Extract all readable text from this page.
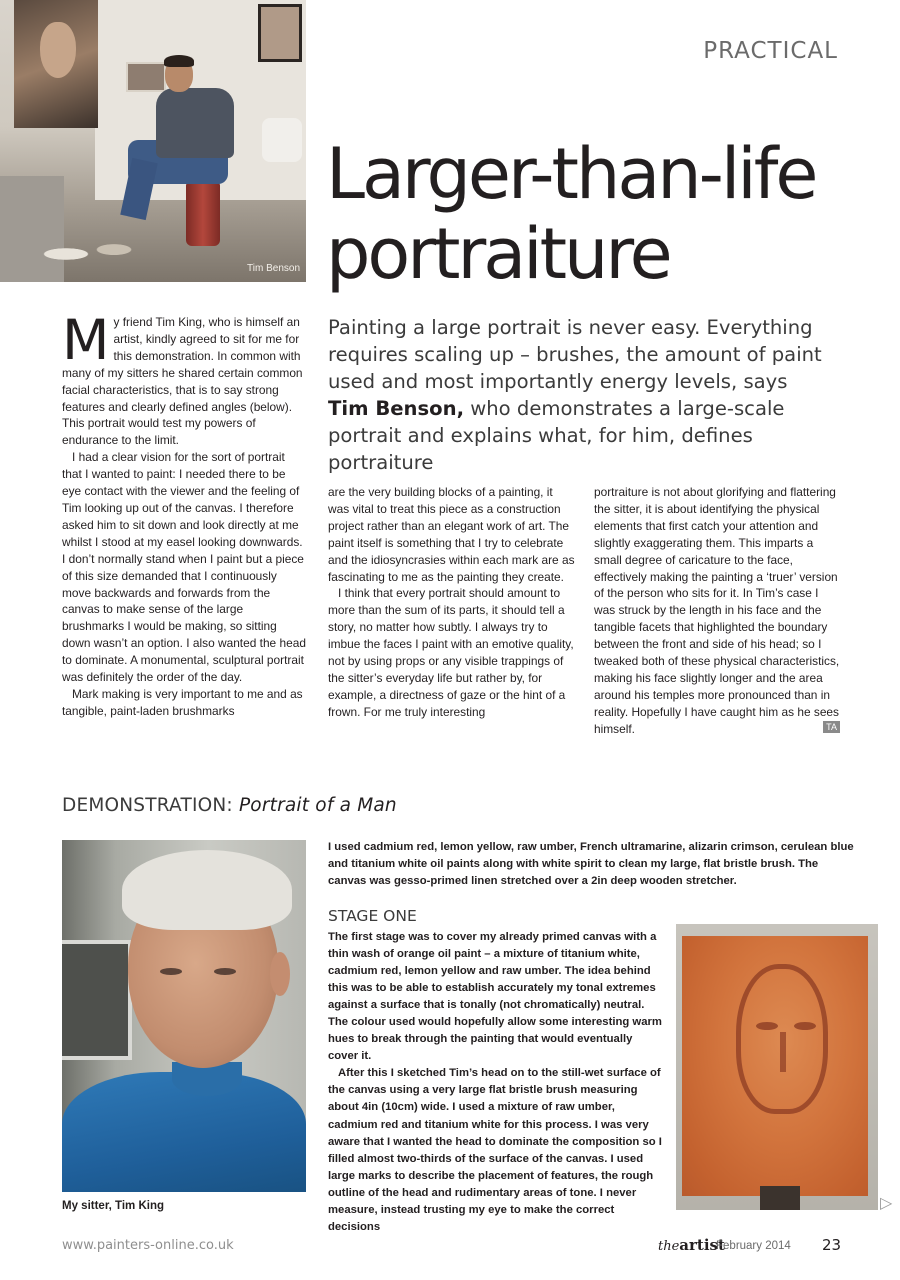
Tim Benson
PRACTICAL
Larger-than-life
portraiture
Painting a large portrait is never easy. Everything requires scaling up – brushes, the amount of paint used and most importantly energy levels, says Tim Benson, who demonstrates a large-scale portrait and explains what, for him, defines portraiture

My friend Tim King, who is himself an artist, kindly agreed to sit for me for this demonstration. In common with many of my sitters he shared certain common facial characteristics, that is to say strong features and clearly defined angles (below). This portrait would test my powers of endurance to the limit.

I had a clear vision for the sort of portrait that I wanted to paint: I needed there to be eye contact with the viewer and the feeling of Tim looking up out of the canvas. I therefore asked him to sit down and look directly at me whilst I stood at my easel looking downwards. I don’t normally stand when I paint but a piece of this size demanded that I continuously move backwards and forwards from the canvas to make sense of the large brushmarks I would be making, so sitting down wasn’t an option. I also wanted the head to dominate. A monumental, sculptural portrait was definitely the order of the day.

Mark making is very important to me and as tangible, paint-laden brushmarks

are the very building blocks of a painting, it was vital to treat this piece as a construction project rather than an elegant work of art. The paint itself is something that I try to celebrate and the idiosyncrasies within each mark are as fascinating to me as the painting they create.

I think that every portrait should amount to more than the sum of its parts, it should tell a story, no matter how subtly. I always try to imbue the faces I paint with an emotive quality, not by using props or any visible trappings of the sitter’s everyday life but rather by, for example, a directness of gaze or the hint of a frown. For me truly interesting

portraiture is not about glorifying and flattering the sitter, it is about identifying the physical elements that first catch your attention and slightly exaggerating them. This imparts a small degree of caricature to the face, effectively making the painting a ‘truer’ version of the person who sits for it. In Tim’s case I was struck by the length in his face and the tangible facets that highlighted the boundary between the front and side of his head; so I tweaked both of these physical characteristics, making his face slightly longer and the area around his temples more pronounced than in reality. Hopefully I have caught him as he sees himself.	TA

DEMONSTRATION: Portrait of a Man
My sitter, Tim King
I used cadmium red, lemon yellow, raw umber, French ultramarine, alizarin crimson, cerulean blue and titanium white oil paints along with white spirit to clean my large, flat bristle brush. The canvas was gesso-primed linen stretched over a 2in deep wooden stretcher.
STAGE ONE

The first stage was to cover my already primed canvas with a thin wash of orange oil paint – a mixture of titanium white, cadmium red, lemon yellow and raw umber. The idea behind this was to be able to establish accurately my tonal extremes against a surface that is tonally (not chromatically) neutral. The colour used would hopefully allow some interesting warm hues to break through the painting that would eventually cover it.

After this I sketched Tim’s head on to the still-wet surface of the canvas using a very large flat bristle brush measuring about 4in (10cm) wide. I used a mixture of raw umber, cadmium red and titanium white for this process. I was very aware that I wanted the head to dominate the composition so I filled almost two-thirds of the surface of the canvas. I used large marks to describe the placement of features, the rough outline of the head and rudimentary areas of tone. I never measure, instead trusting my eye to make the correct decisions

▷
www.painters-online.co.uk	theartist
February 2014 23
